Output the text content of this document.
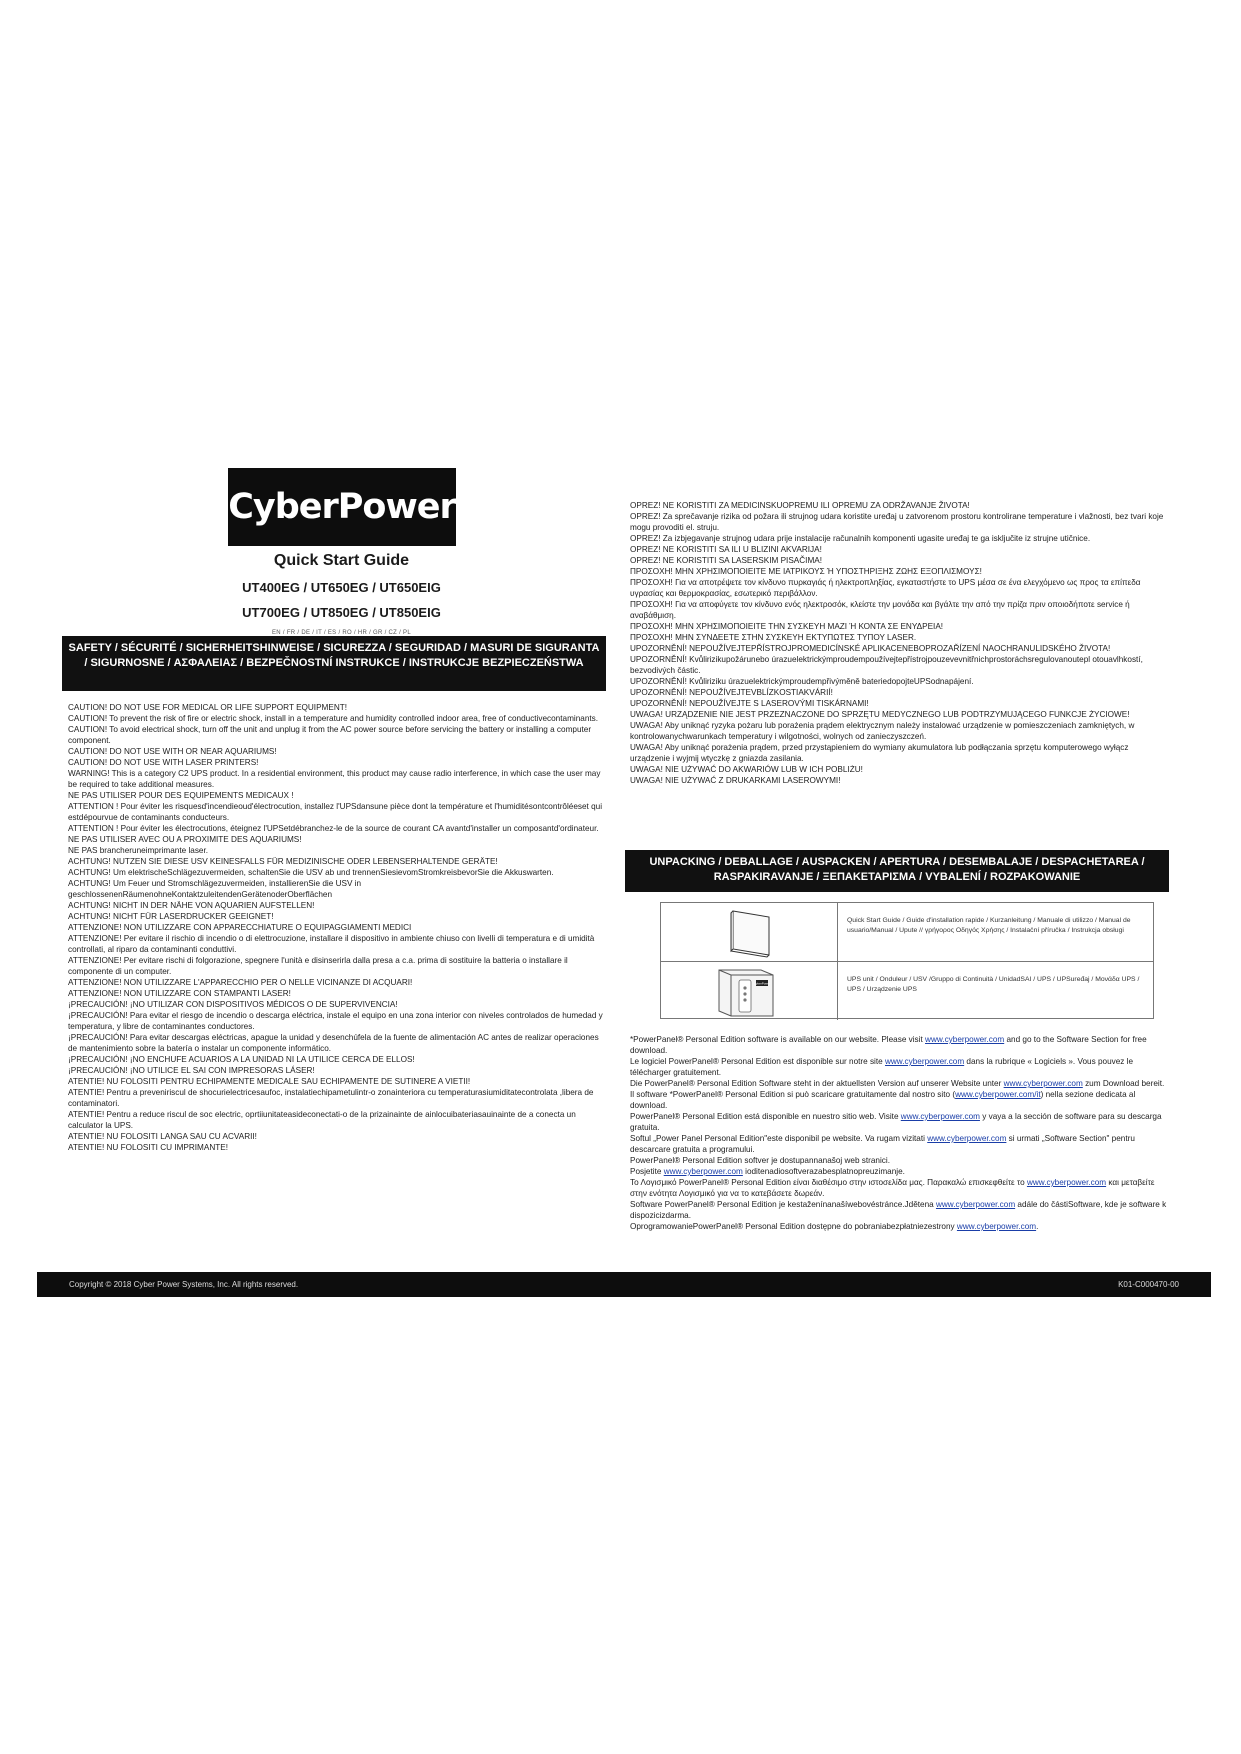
CyberPower
Quick Start Guide
UT400EG / UT650EG / UT650EIG
UT700EG / UT850EG / UT850EIG
EN / FR / DE / IT / ES / RO / HR / GR / CZ / PL
SAFETY / SÉCURITÉ / SICHERHEITSHINWEISE / SICUREZZA / SEGURIDAD / MASURI DE SIGURANTA / SIGURNOSNE / ΑΣΦΑΛΕΙΑΣ / BEZPEČNOSTNÍ INSTRUKCE / INSTRUKCJE BEZPIECZEŃSTWA

CAUTION! DO NOT USE FOR MEDICAL OR LIFE SUPPORT EQUIPMENT!
CAUTION! To prevent the risk of fire or electric shock, install in a temperature and humidity controlled indoor area, free of conductivecontaminants.
CAUTION! To avoid electrical shock, turn off the unit and unplug it from the AC power source before servicing the battery or installing a computer component.
CAUTION! DO NOT USE WITH OR NEAR AQUARIUMS!
CAUTION! DO NOT USE WITH LASER PRINTERS!
WARNING! This is a category C2 UPS product. In a residential environment, this product may cause radio interference, in which case the user may be required to take additional measures.

NE PAS UTILISER POUR DES EQUIPEMENTS MEDICAUX !
ATTENTION ! Pour éviter les risquesd'incendieoud'électrocution, installez l'UPSdansune pièce dont la température et l'humiditésontcontrôléeset qui estdépourvue de contaminants conducteurs.
ATTENTION ! Pour éviter les électrocutions, éteignez l'UPSetdébranchez-le de la source de courant CA avantd'installer un composantd'ordinateur.
NE PAS UTILISER AVEC OU A PROXIMITE DES AQUARIUMS!
NE PAS brancheruneimprimante laser.

ACHTUNG! NUTZEN SIE DIESE USV KEINESFALLS FÜR MEDIZINISCHE ODER LEBENSERHALTENDE GERÄTE!
ACHTUNG! Um elektrischeSchlägezuvermeiden, schaltenSie die USV ab und trennenSiesievomStromkreisbevorSie die Akkuswarten.
ACHTUNG! Um Feuer und Stromschlägezuvermeiden, installierenSie die USV in geschlossenenRäumenohneKontaktzuleitendenGerätenoderOberflächen
ACHTUNG! NICHT IN DER NÄHE VON AQUARIEN AUFSTELLEN!
ACHTUNG! NICHT FÜR LASERDRUCKER GEEIGNET!

ATTENZIONE! NON UTILIZZARE CON APPARECCHIATURE O EQUIPAGGIAMENTI MEDICI
ATTENZIONE! Per evitare il rischio di incendio o di elettrocuzione, installare il dispositivo in ambiente chiuso con livelli di temperatura e di umidità controllati, al riparo da contaminanti conduttivi.
ATTENZIONE! Per evitare rischi di folgorazione, spegnere l'unità e disinserirla dalla presa a c.a. prima di sostituire la batteria o installare il componente di un computer.
ATTENZIONE! NON UTILIZZARE L'APPARECCHIO PER O NELLE VICINANZE DI ACQUARI!
ATTENZIONE! NON UTILIZZARE CON STAMPANTI LASER!

¡PRECAUCIÓN! ¡NO UTILIZAR CON DISPOSITIVOS MÉDICOS O DE SUPERVIVENCIA!
¡PRECAUCIÓN! Para evitar el riesgo de incendio o descarga eléctrica, instale el equipo en una zona interior con niveles controlados de humedad y temperatura, y libre de contaminantes conductores.
¡PRECAUCIÓN! Para evitar descargas eléctricas, apague la unidad y desenchúfela de la fuente de alimentación AC antes de realizar operaciones de mantenimiento sobre la batería o instalar un componente informático.
¡PRECAUCIÓN! ¡NO ENCHUFE ACUARIOS A LA UNIDAD NI LA UTILICE CERCA DE ELLOS!
¡PRECAUCIÓN! ¡NO UTILICE EL SAI CON IMPRESORAS LÁSER!

ATENTIE! NU FOLOSITI PENTRU ECHIPAMENTE MEDICALE SAU ECHIPAMENTE DE SUTINERE A VIETII!
ATENTIE! Pentru a preveniriscul de shocurielectricesaufoc, instalatiechipametulintr-o zonainteriora cu temperaturasiumiditatecontrolata ,libera de contaminatori.
ATENTIE! Pentru a reduce riscul de soc electric, oprtiiunitateasideconectati-o de la prizainainte de ainlocuibateriasauinainte de a conecta un calculator la UPS.
ATENTIE! NU FOLOSITI LANGA SAU CU ACVARII!
ATENTIE! NU FOLOSITI CU IMPRIMANTE!

OPREZ! NE KORISTITI ZA MEDICINSKUOPREMU ILI OPREMU ZA ODRŽAVANJE ŽIVOTA!
OPREZ! Za sprečavanje rizika od požara ili strujnog udara koristite uređaj u zatvorenom prostoru kontrolirane temperature i vlažnosti, bez tvari koje mogu provoditi el. struju.
OPREZ! Za izbjegavanje strujnog udara prije instalacije računalnih komponenti ugasite uređaj te ga isključite iz strujne utičnice.
OPREZ! NE KORISTITI SA ILI U BLIZINI AKVARIJA!
OPREZ! NE KORISTITI SA LASERSKIM PISAČIMA!

ΠΡΟΣΟΧΗ! ΜΗΝ ΧΡΗΣΙΜΟΠΟΙΕΙΤΕ ΜΕ ΙΑΤΡΙΚΟΥΣ Ή ΥΠΟΣΤΗΡΙΞΗΣ ΖΩΗΣ ΕΞΟΠΛΙΣΜΟΥΣ!
ΠΡΟΣΟΧΗ! Για να αποτρέψετε τον κίνδυνο πυρκαγιάς ή ηλεκτροπληξίας, εγκαταστήστε το UPS μέσα σε ένα ελεγχόμενο ως προς τα επίπεδα υγρασίας και θερμοκρασίας, εσωτερικό περιβάλλον.
ΠΡΟΣΟΧΗ! Για να αποφύγετε τον κίνδυνο ενός ηλεκτροσόκ, κλείστε την μονάδα και βγάλτε την από την πρίζα πριν οποιοδήποτε service ή αναβάθμιση.
ΠΡΟΣΟΧΗ! ΜΗΝ ΧΡΗΣΙΜΟΠΟΙΕΙΤΕ ΤΗΝ ΣΥΣΚΕΥΗ ΜΑΖΙ Ή ΚΟΝΤΑ ΣΕ ΕΝΥΔΡΕΙΑ!
ΠΡΟΣΟΧΗ! ΜΗΝ ΣΥΝΔΕΕΤΕ ΣΤΗΝ ΣΥΣΚΕΥΗ ΕΚΤΥΠΩΤΕΣ ΤΥΠΟΥ LASER.

UPOZORNĚNÍ! NEPOUŽÍVEJTEPŘÍSTROJPROMEDICÍNSKÉ APLIKACENEBOPROZAŘÍZENÍ NAOCHRANULIDSKÉHO ŽIVOTA!
UPOZORNĚNÍ! Kvůlirizikupožárunebo úrazuelektrickýmproudempoužívejtepřístrojpouzevevnitřnichprostoráchsregulovanoutepl otouavlhkostí, bezvodivých částic.
UPOZORNĚNÍ! Kvůliriziku úrazuelektrickýmproudempřivýměně bateriedopojteUPSodnapájení.
UPOZORNĚNÍ! NEPOUŽÍVEJTEVBLÍZKOSTIAKVÁRIÍ!
UPOZORNĚNÍ! NEPOUŽÍVEJTE S LASEROVÝMI TISKÁRNAMI!

UWAGA! URZĄDZENIE NIE JEST PRZEZNACZONE DO SPRZĘTU MEDYCZNEGO LUB PODTRZYMUJĄCEGO FUNKCJE ŻYCIOWE!
UWAGA! Aby uniknąć ryzyka pożaru lub porażenia prądem elektrycznym należy instalować urządzenie w pomieszczeniach zamkniętych, w kontrolowanychwarunkach temperatury i wilgotności, wolnych od zanieczyszczeń.
UWAGA! Aby uniknąć porażenia prądem, przed przystąpieniem do wymiany akumulatora lub podłączania sprzętu komputerowego wyłącz urządzenie i wyjmij wtyczkę z gniazda zasilania.
UWAGA! NIE UŻYWAĆ DO AKWARIÓW LUB W ICH POBLIŻU!
UWAGA! NIE UŻYWAĆ Z DRUKARKAMI LASEROWYMI!

UNPACKING / DEBALLAGE / AUSPACKEN / APERTURA / DESEMBALAJE / DESPACHETAREA / RASPAKIRAVANJE / ΞΕΠΑΚΕΤΑΡΙΣΜΑ / VYBALENÍ / ROZPAKOWANIE
Quick Start Guide / Guide d'installation rapide / Kurzanleitung / Manuale di utilizzo / Manual de usuario/Manual / Upute // γρήγορος Οδηγός Χρήσης / Instalační příručka / Instrukcja obsługi
CyberPower
UPS unit / Onduleur / USV /Gruppo di Continuità / UnidadSAI / UPS / UPSuređaj / Μονάδα UPS / UPS / Urządzenie UPS

*PowerPanel® Personal Edition software is available on our website. Please visit www.cyberpower.com and go to the Software Section for free download.

Le logiciel PowerPanel® Personal Edition est disponible sur notre site www.cyberpower.com dans la rubrique « Logiciels ». Vous pouvez le télécharger gratuitement.

Die PowerPanel® Personal Edition Software steht in der aktuellsten Version auf unserer Website unter www.cyberpower.com zum Download bereit.

Il software *PowerPanel® Personal Edition si può scaricare gratuitamente dal nostro sito (www.cyberpower.com/it) nella sezione dedicata al download.

PowerPanel® Personal Edition está disponible en nuestro sitio web. Visite www.cyberpower.com y vaya a la sección de software para su descarga gratuita.

Softul „Power Panel Personal Edition"este disponibil pe website. Va rugam vizitati www.cyberpower.com si urmati „Software Section" pentru descarcare gratuita a programului.

PowerPanel® Personal Edition softver je dostupannanašoj web stranici.
Posjetite www.cyberpower.com ioditenadiosoftverazabesplatnopreuzimanje.

Το Λογισμικό PowerPanel® Personal Edition είναι διαθέσιμο στην ιστοσελίδα μας. Παρακαλώ επισκεφθείτε το www.cyberpower.com και μεταβείτε στην ενότητα Λογισμικό για να το κατεβάσετε δωρεάν.

Software PowerPanel® Personal Edition je kestaženínanašíwebovéstránce.Jdětena www.cyberpower.com adále do částiSoftware, kde je software k dispozicizdarma.

OprogramowaniePowerPanel® Personal Edition dostępne do pobraniabezpłatniezestrony www.cyberpower.com.

Copyright © 2018 Cyber Power Systems, Inc. All rights reserved.	K01-C000470-00
